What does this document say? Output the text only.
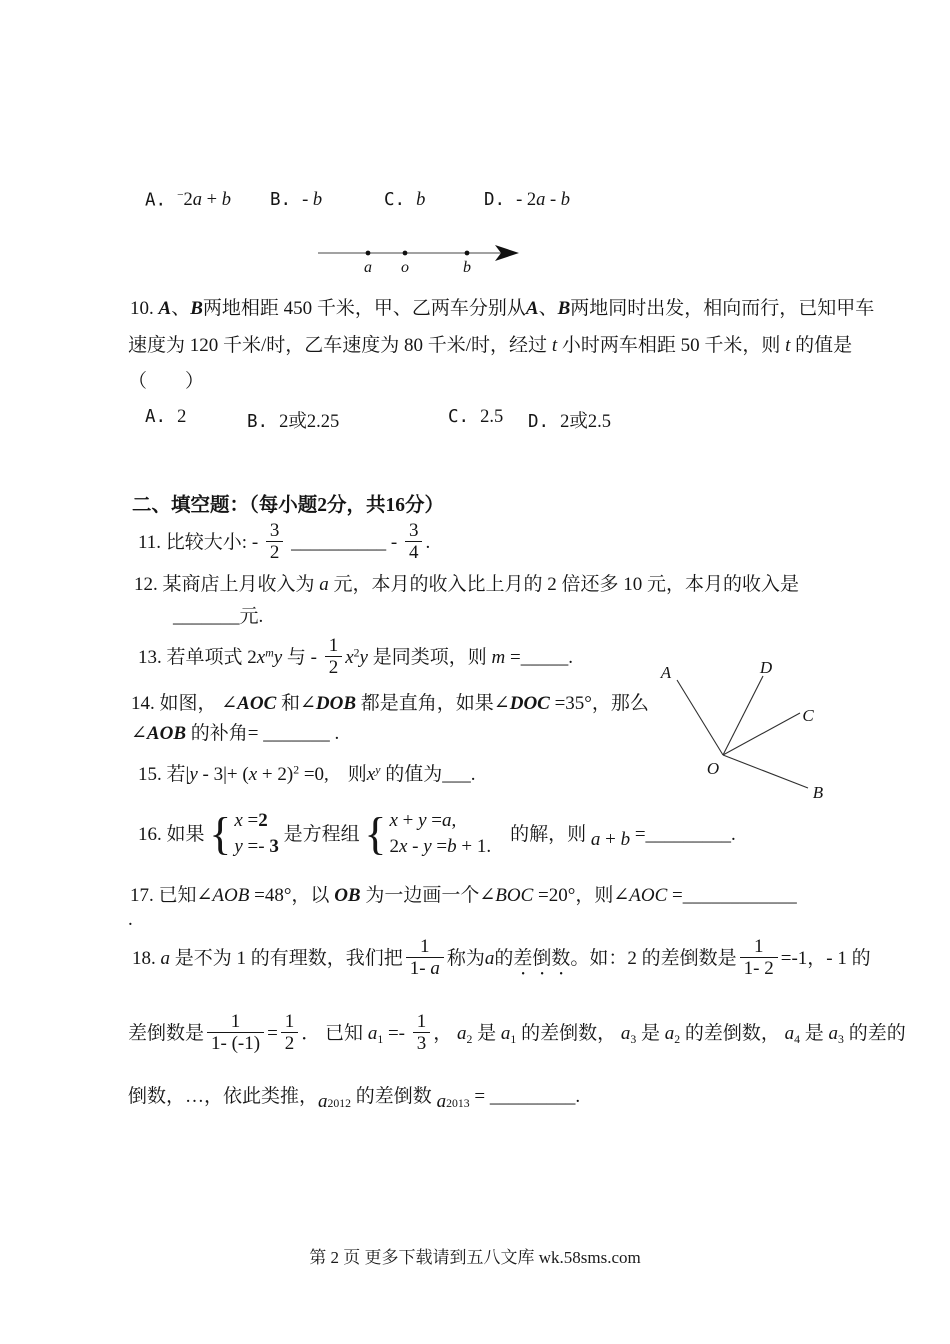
A. −2a + b B. - b	C. b	D. - 2a - b
a o	b
10. A、B两地相距 450 千米，甲、乙两车分别从A、B两地同时出发，相向而行，已知甲车
速度为 120 千米/时，乙车速度为 80 千米/时，经过 t 小时两车相距 50 千米，则 t 的值是
（　　）
A. 2	B. 2或2.25	C. 2.5 D. 2或2.5
二、填空题：（每小题2分，共16分）
11. 比较大小: - $\frac{3}{2}$ __________ - $\frac{3}{4}$ .
12. 某商店上月收入为 a 元，本月的收入比上月的 2 倍还多 10 元，本月的收入是
_______元.
13. 若单项式 $2x^my$ 与 - $\frac{1}{2} x^2y$ 是同类项，则 m =_____.
14. 如图， ∠AOC 和∠DOB 都是直角，如果∠DOC =35°，那么
∠AOB 的补角= _______ .
A	D
C
O
B
15. 若$|y - 3|+ (x + 2)^2 =0$,　则$x^y$ 的值为___.
16. 如果 { x =2
y =- 3
是方程组 { x + y =a,
2x - y =b + 1.
　的解，则 a + b =_________.
17. 已知∠AOB =48°，以 OB 为一边画一个∠BOC =20°，则∠AOC =____________
.
18. a 是不为 1 的有理数，我们把 $\frac{1}{1- a}$ 称为a的差倒数。如：2 的差倒数是 $\frac{1}{1- 2} =-1$，- 1 的
差倒数是 $\frac{1}{1- (-1)} = \frac{1}{2}$ ． 已知 $a_1 =- \frac{1}{3}$ ， $a_2$ 是 $a_1$ 的差倒数， $a_3$ 是 $a_2$ 的差倒数， $a_4$ 是 $a_3$ 的差的
倒数，…，依此类推，$a_{2012}$ 的差倒数 $a_{2013}$ = _________.
第 2 页 更多下载请到五八文库 wk.58sms.com
